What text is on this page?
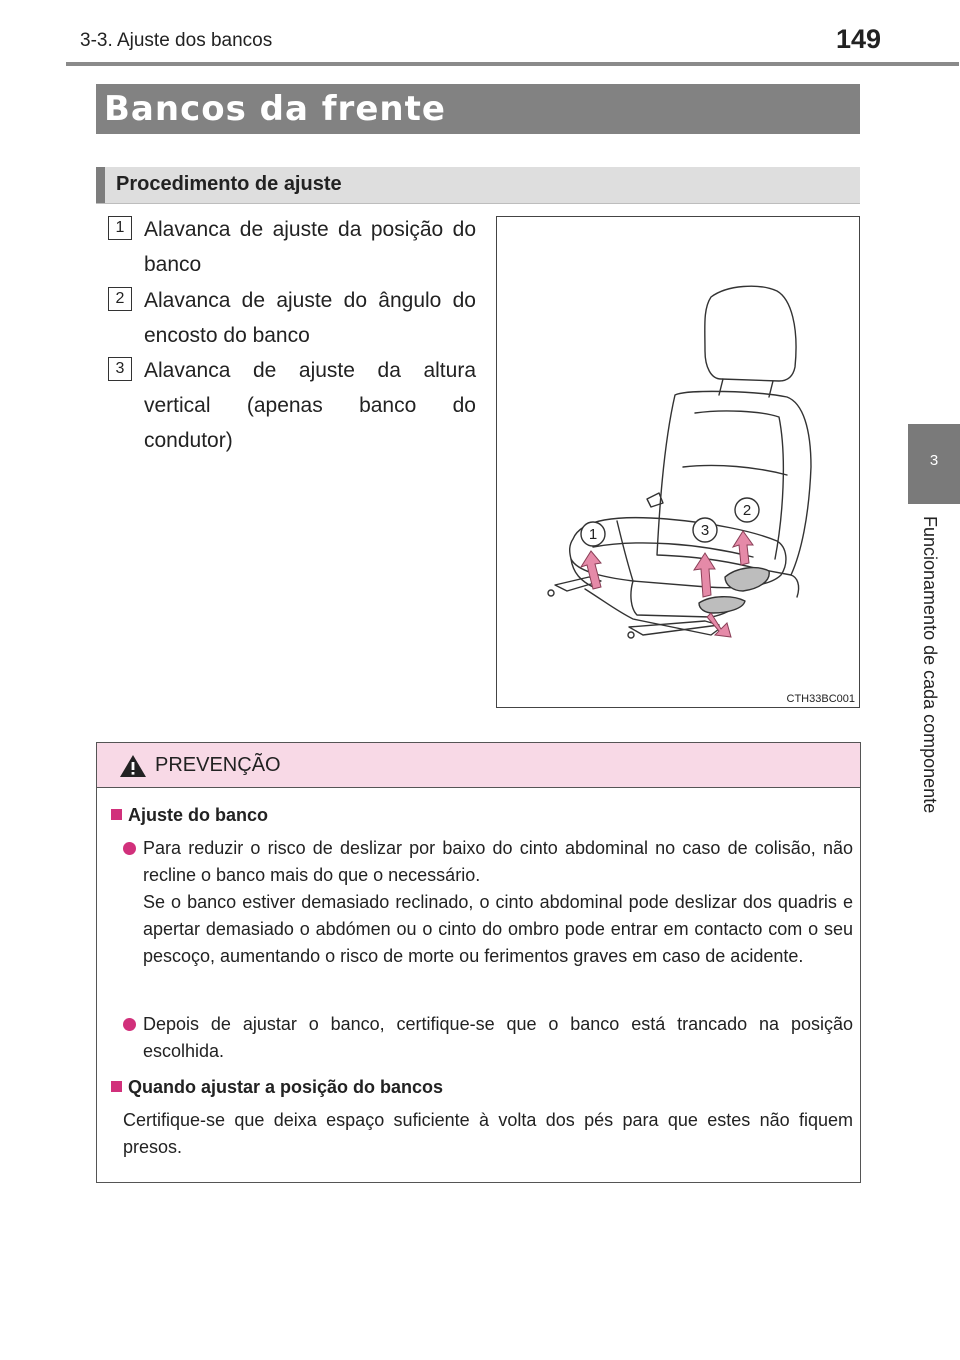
3-3. Ajuste dos bancos	149
3
Funcionamento de cada componente
Bancos da frente
Procedimento de ajuste
1 Alavanca de ajuste da posição do banco
2 Alavanca de ajuste do ângulo do encosto do banco
3 Alavanca de ajuste da altura vertical (apenas banco do condutor)
1	3
2
CTH33BC001
PREVENÇÃO
Ajuste do banco
Para reduzir o risco de deslizar por baixo do cinto abdominal no caso de colisão, não recline o banco mais do que o necessário.
Se o banco estiver demasiado reclinado, o cinto abdominal pode deslizar dos quadris e apertar demasiado o abdómen ou o cinto do ombro pode entrar em contacto com o seu pescoço, aumentando o risco de morte ou ferimentos graves em caso de acidente.
Depois de ajustar o banco, certifique-se que o banco está trancado na posição escolhida.
Quando ajustar a posição do bancos
Certifique-se que deixa espaço suficiente à volta dos pés para que estes não fiquem presos.
